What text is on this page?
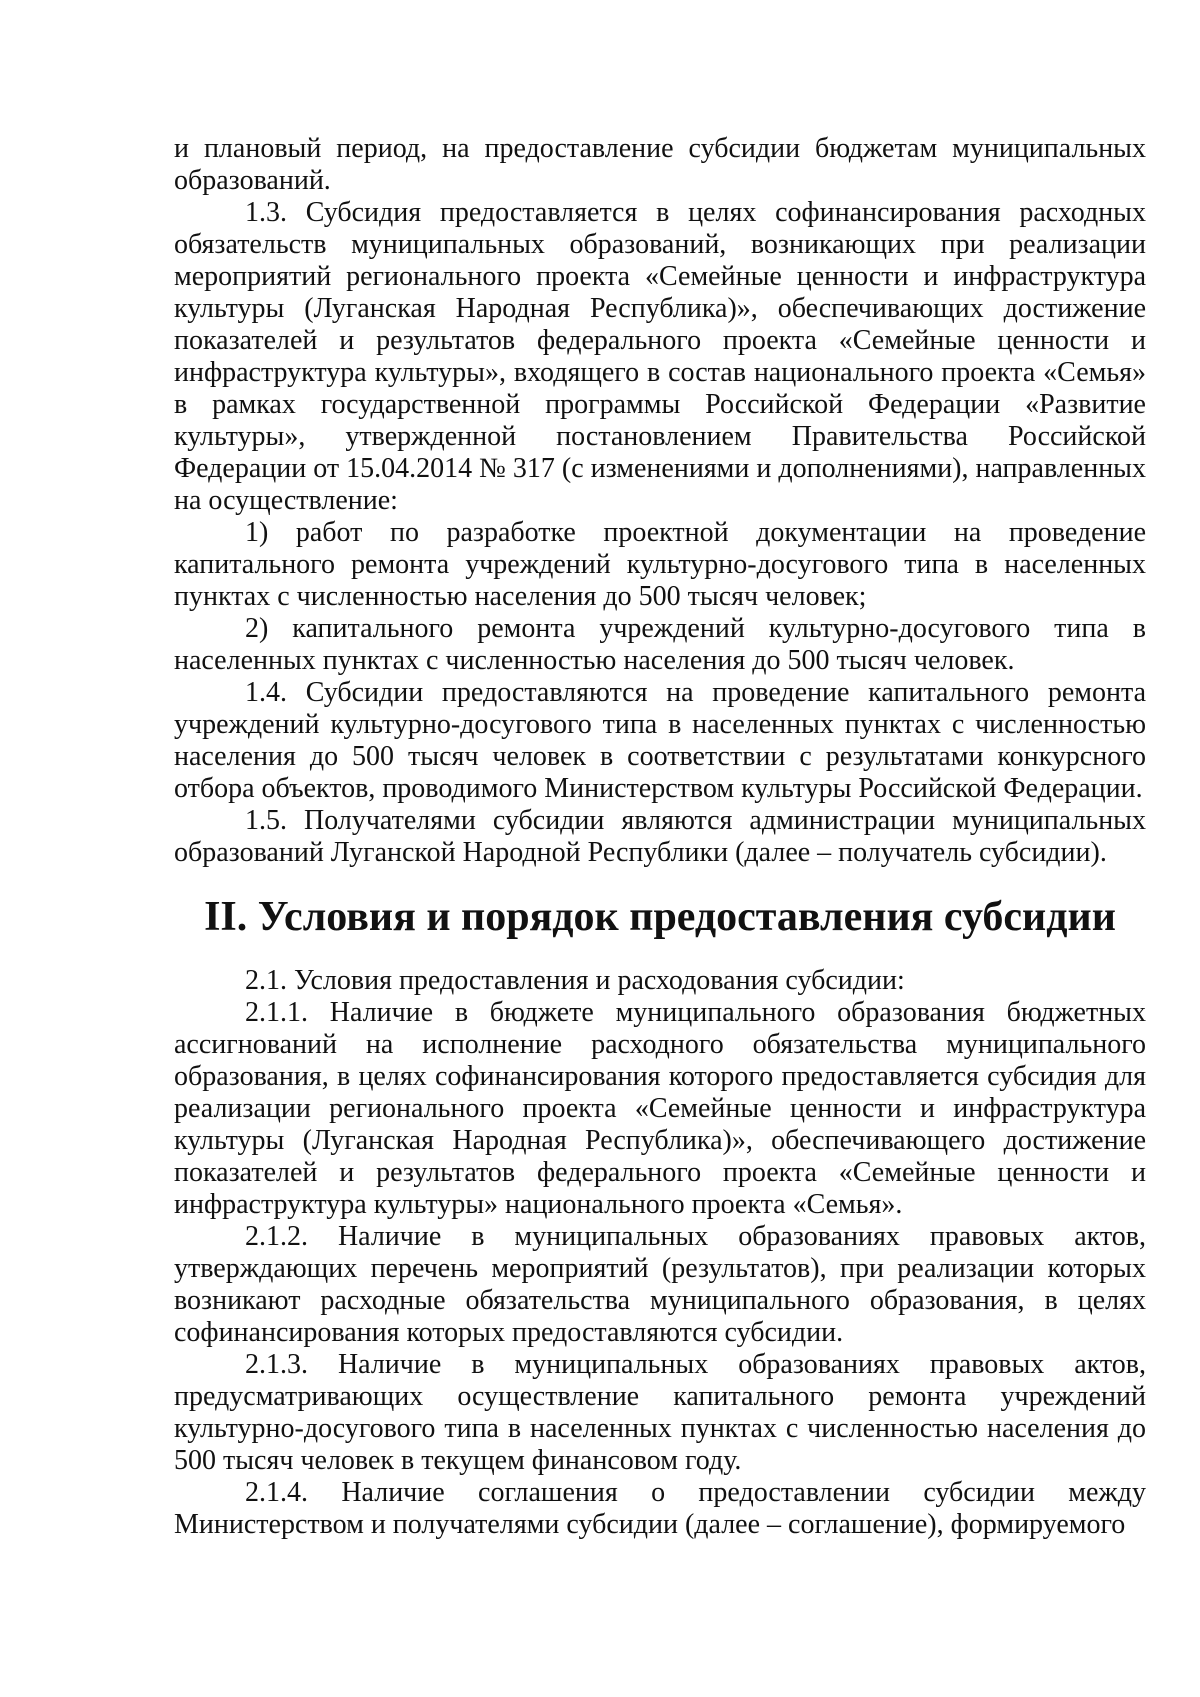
и плановый период, на предоставление субсидии бюджетам муниципальных образований.

1.3. Субсидия предоставляется в целях софинансирования расходных обязательств муниципальных образований, возникающих при реализации мероприятий регионального проекта «Семейные ценности и инфраструктура культуры (Луганская Народная Республика)», обеспечивающих достижение показателей и результатов федерального проекта «Семейные ценности и инфраструктура культуры», входящего в состав национального проекта «Семья» в рамках государственной программы Российской Федерации «Развитие культуры», утвержденной постановлением Правительства Российской Федерации от 15.04.2014 № 317 (с изменениями и дополнениями), направленных на осуществление:

1) работ по разработке проектной документации на проведение капитального ремонта учреждений культурно-досугового типа в населенных пунктах с численностью населения до 500 тысяч человек;

2) капитального ремонта учреждений культурно-досугового типа в населенных пунктах с численностью населения до 500 тысяч человек.

1.4. Субсидии предоставляются на проведение капитального ремонта учреждений культурно-досугового типа в населенных пунктах с численностью населения до 500 тысяч человек в соответствии с результатами конкурсного отбора объектов, проводимого Министерством культуры Российской Федерации.

1.5. Получателями субсидии являются администрации муниципальных образований Луганской Народной Республики (далее – получатель субсидии).

II. Условия и порядок предоставления субсидии

2.1. Условия предоставления и расходования субсидии:

2.1.1. Наличие в бюджете муниципального образования бюджетных ассигнований на исполнение расходного обязательства муниципального образования, в целях софинансирования которого предоставляется субсидия для реализации регионального проекта «Семейные ценности и инфраструктура культуры (Луганская Народная Республика)», обеспечивающего достижение показателей и результатов федерального проекта «Семейные ценности и инфраструктура культуры» национального проекта «Семья».

2.1.2. Наличие в муниципальных образованиях правовых актов, утверждающих перечень мероприятий (результатов), при реализации которых возникают расходные обязательства муниципального образования, в целях софинансирования которых предоставляются субсидии.

2.1.3. Наличие в муниципальных образованиях правовых актов, предусматривающих осуществление капитального ремонта учреждений культурно-досугового типа в населенных пунктах с численностью населения до 500 тысяч человек в текущем финансовом году.

2.1.4. Наличие соглашения о предоставлении субсидии между Министерством и получателями субсидии (далее – соглашение), формируемого
